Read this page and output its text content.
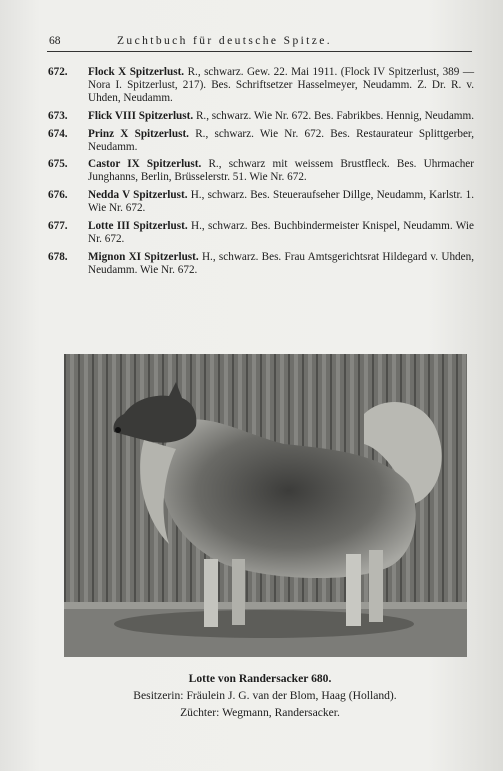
68	Zuchtbuch für deutsche Spitze.
672. Flock X Spitzerlust. R., schwarz. Gew. 22. Mai 1911. (Flock IV Spitzerlust, 389 — Nora I. Spitzerlust, 217). Bes. Schriftsetzer Hasselmeyer, Neudamm. Z. Dr. R. v. Uhden, Neudamm.
673. Flick VIII Spitzerlust. R., schwarz. Wie Nr. 672. Bes. Fabrikbes. Hennig, Neudamm.
674. Prinz X Spitzerlust. R., schwarz. Wie Nr. 672. Bes. Restaurateur Splittgerber, Neudamm.
675. Castor IX Spitzerlust. R., schwarz mit weissem Brustfleck. Bes. Uhrmacher Junghanns, Berlin, Brüsselerstr. 51. Wie Nr. 672.
676. Nedda V Spitzerlust. H., schwarz. Bes. Steueraufseher Dillge, Neudamm, Karlstr. 1. Wie Nr. 672.
677. Lotte III Spitzerlust. H., schwarz. Bes. Buchbindermeister Knispel, Neudamm. Wie Nr. 672.
678. Mignon XI Spitzerlust. H., schwarz. Bes. Frau Amtsgerichtsrat Hildegard v. Uhden, Neudamm. Wie Nr. 672.
Lotte von Randersacker 680.
Besitzerin: Fräulein J. G. van der Blom, Haag (Holland).
Züchter: Wegmann, Randersacker.
